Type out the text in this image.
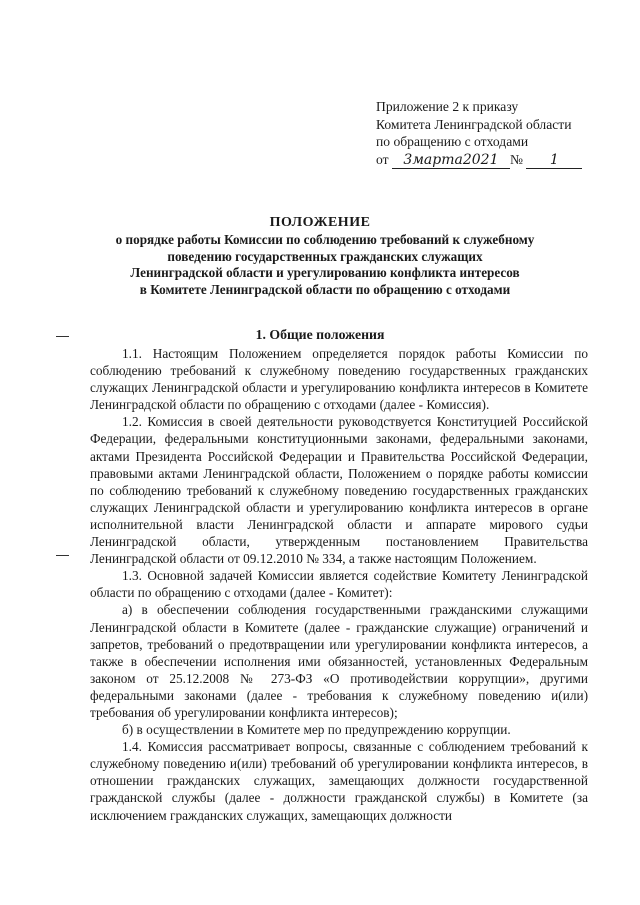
Приложение 2 к приказу
Комитета Ленинградской области
по обращению с отходами
от 3марта2021 № 1
ПОЛОЖЕНИЕ
о порядке работы Комиссии по соблюдению требований к служебному
поведению государственных гражданских служащих
Ленинградской области и урегулированию конфликта интересов
в Комитете Ленинградской области по обращению с отходами
1. Общие положения

1.1. Настоящим Положением определяется порядок работы Комиссии по соблюдению требований к служебному поведению государственных гражданских служащих Ленинградской области и урегулированию конфликта интересов в Комитете Ленинградской области по обращению с отходами (далее - Комиссия).

1.2. Комиссия в своей деятельности руководствуется Конституцией Российской Федерации, федеральными конституционными законами, федеральными законами, актами Президента Российской Федерации и Правительства Российской Федерации, правовыми актами Ленинградской области, Положением о порядке работы комиссии по соблюдению требований к служебному поведению государственных гражданских служащих Ленинградской области и урегулированию конфликта интересов в органе исполнительной власти Ленинградской области и аппарате мирового судьи Ленинградской области, утвержденным постановлением Правительства Ленинградской области от 09.12.2010 № 334, а также настоящим Положением.

1.3. Основной задачей Комиссии является содействие Комитету Ленинградской области по обращению с отходами (далее - Комитет):

а) в обеспечении соблюдения государственными гражданскими служащими Ленинградской области в Комитете (далее - гражданские служащие) ограничений и запретов, требований о предотвращении или урегулировании конфликта интересов, а также в обеспечении исполнения ими обязанностей, установленных Федеральным законом от 25.12.2008 № 273-ФЗ «О противодействии коррупции», другими федеральными законами (далее - требования к служебному поведению и(или) требования об урегулировании конфликта интересов);

б) в осуществлении в Комитете мер по предупреждению коррупции.

1.4. Комиссия рассматривает вопросы, связанные с соблюдением требований к служебному поведению и(или) требований об урегулировании конфликта интересов, в отношении гражданских служащих, замещающих должности государственной гражданской службы (далее - должности гражданской службы) в Комитете (за исключением гражданских служащих, замещающих должности
